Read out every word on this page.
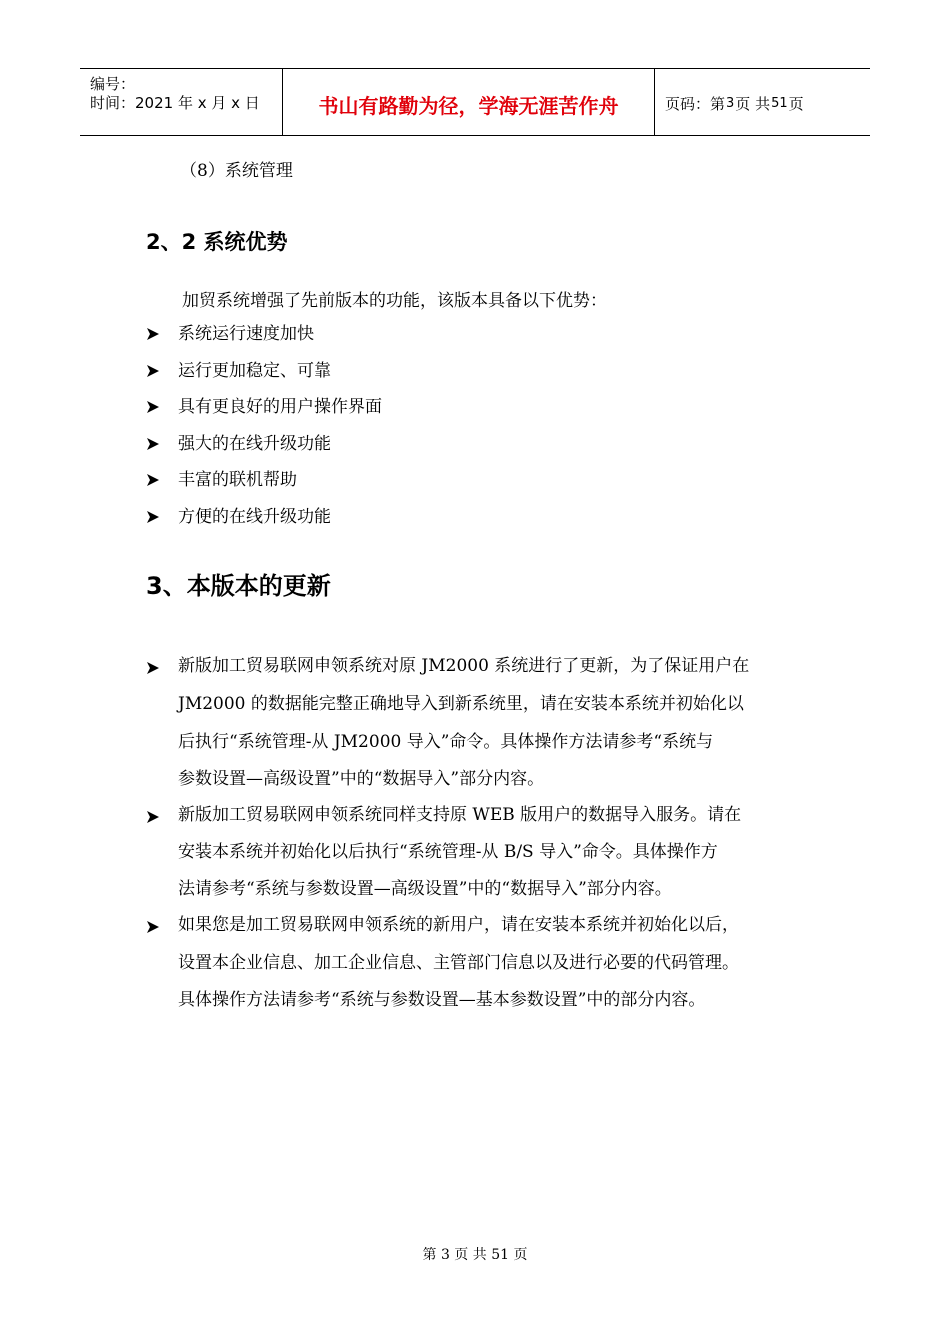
编号：
时间：2021 年 x 月 x 日	书山有路勤为径，学海无涯苦作舟	页码：第 3 页 共 51 页
（8）系统管理
2、2 系统优势
加贸系统增强了先前版本的功能，该版本具备以下优势：
系统运行速度加快
运行更加稳定、可靠
具有更良好的用户操作界面
强大的在线升级功能
丰富的联机帮助
方便的在线升级功能
3、本版本的更新
新版加工贸易联网申领系统对原 JM2000 系统进行了更新，为了保证用户在
JM2000 的数据能完整正确地导入到新系统里，请在安装本系统并初始化以
后执行“系统管理-从 JM2000 导入”命令。具体操作方法请参考“系统与
参数设置—高级设置”中的“数据导入”部分内容。
新版加工贸易联网申领系统同样支持原 WEB 版用户的数据导入服务。请在
安装本系统并初始化以后执行“系统管理-从 B/S 导入”命令。具体操作方
法请参考“系统与参数设置—高级设置”中的“数据导入”部分内容。
如果您是加工贸易联网申领系统的新用户，请在安装本系统并初始化以后，
设置本企业信息、加工企业信息、主管部门信息以及进行必要的代码管理。
具体操作方法请参考“系统与参数设置—基本参数设置”中的部分内容。
第 3 页 共 51 页
